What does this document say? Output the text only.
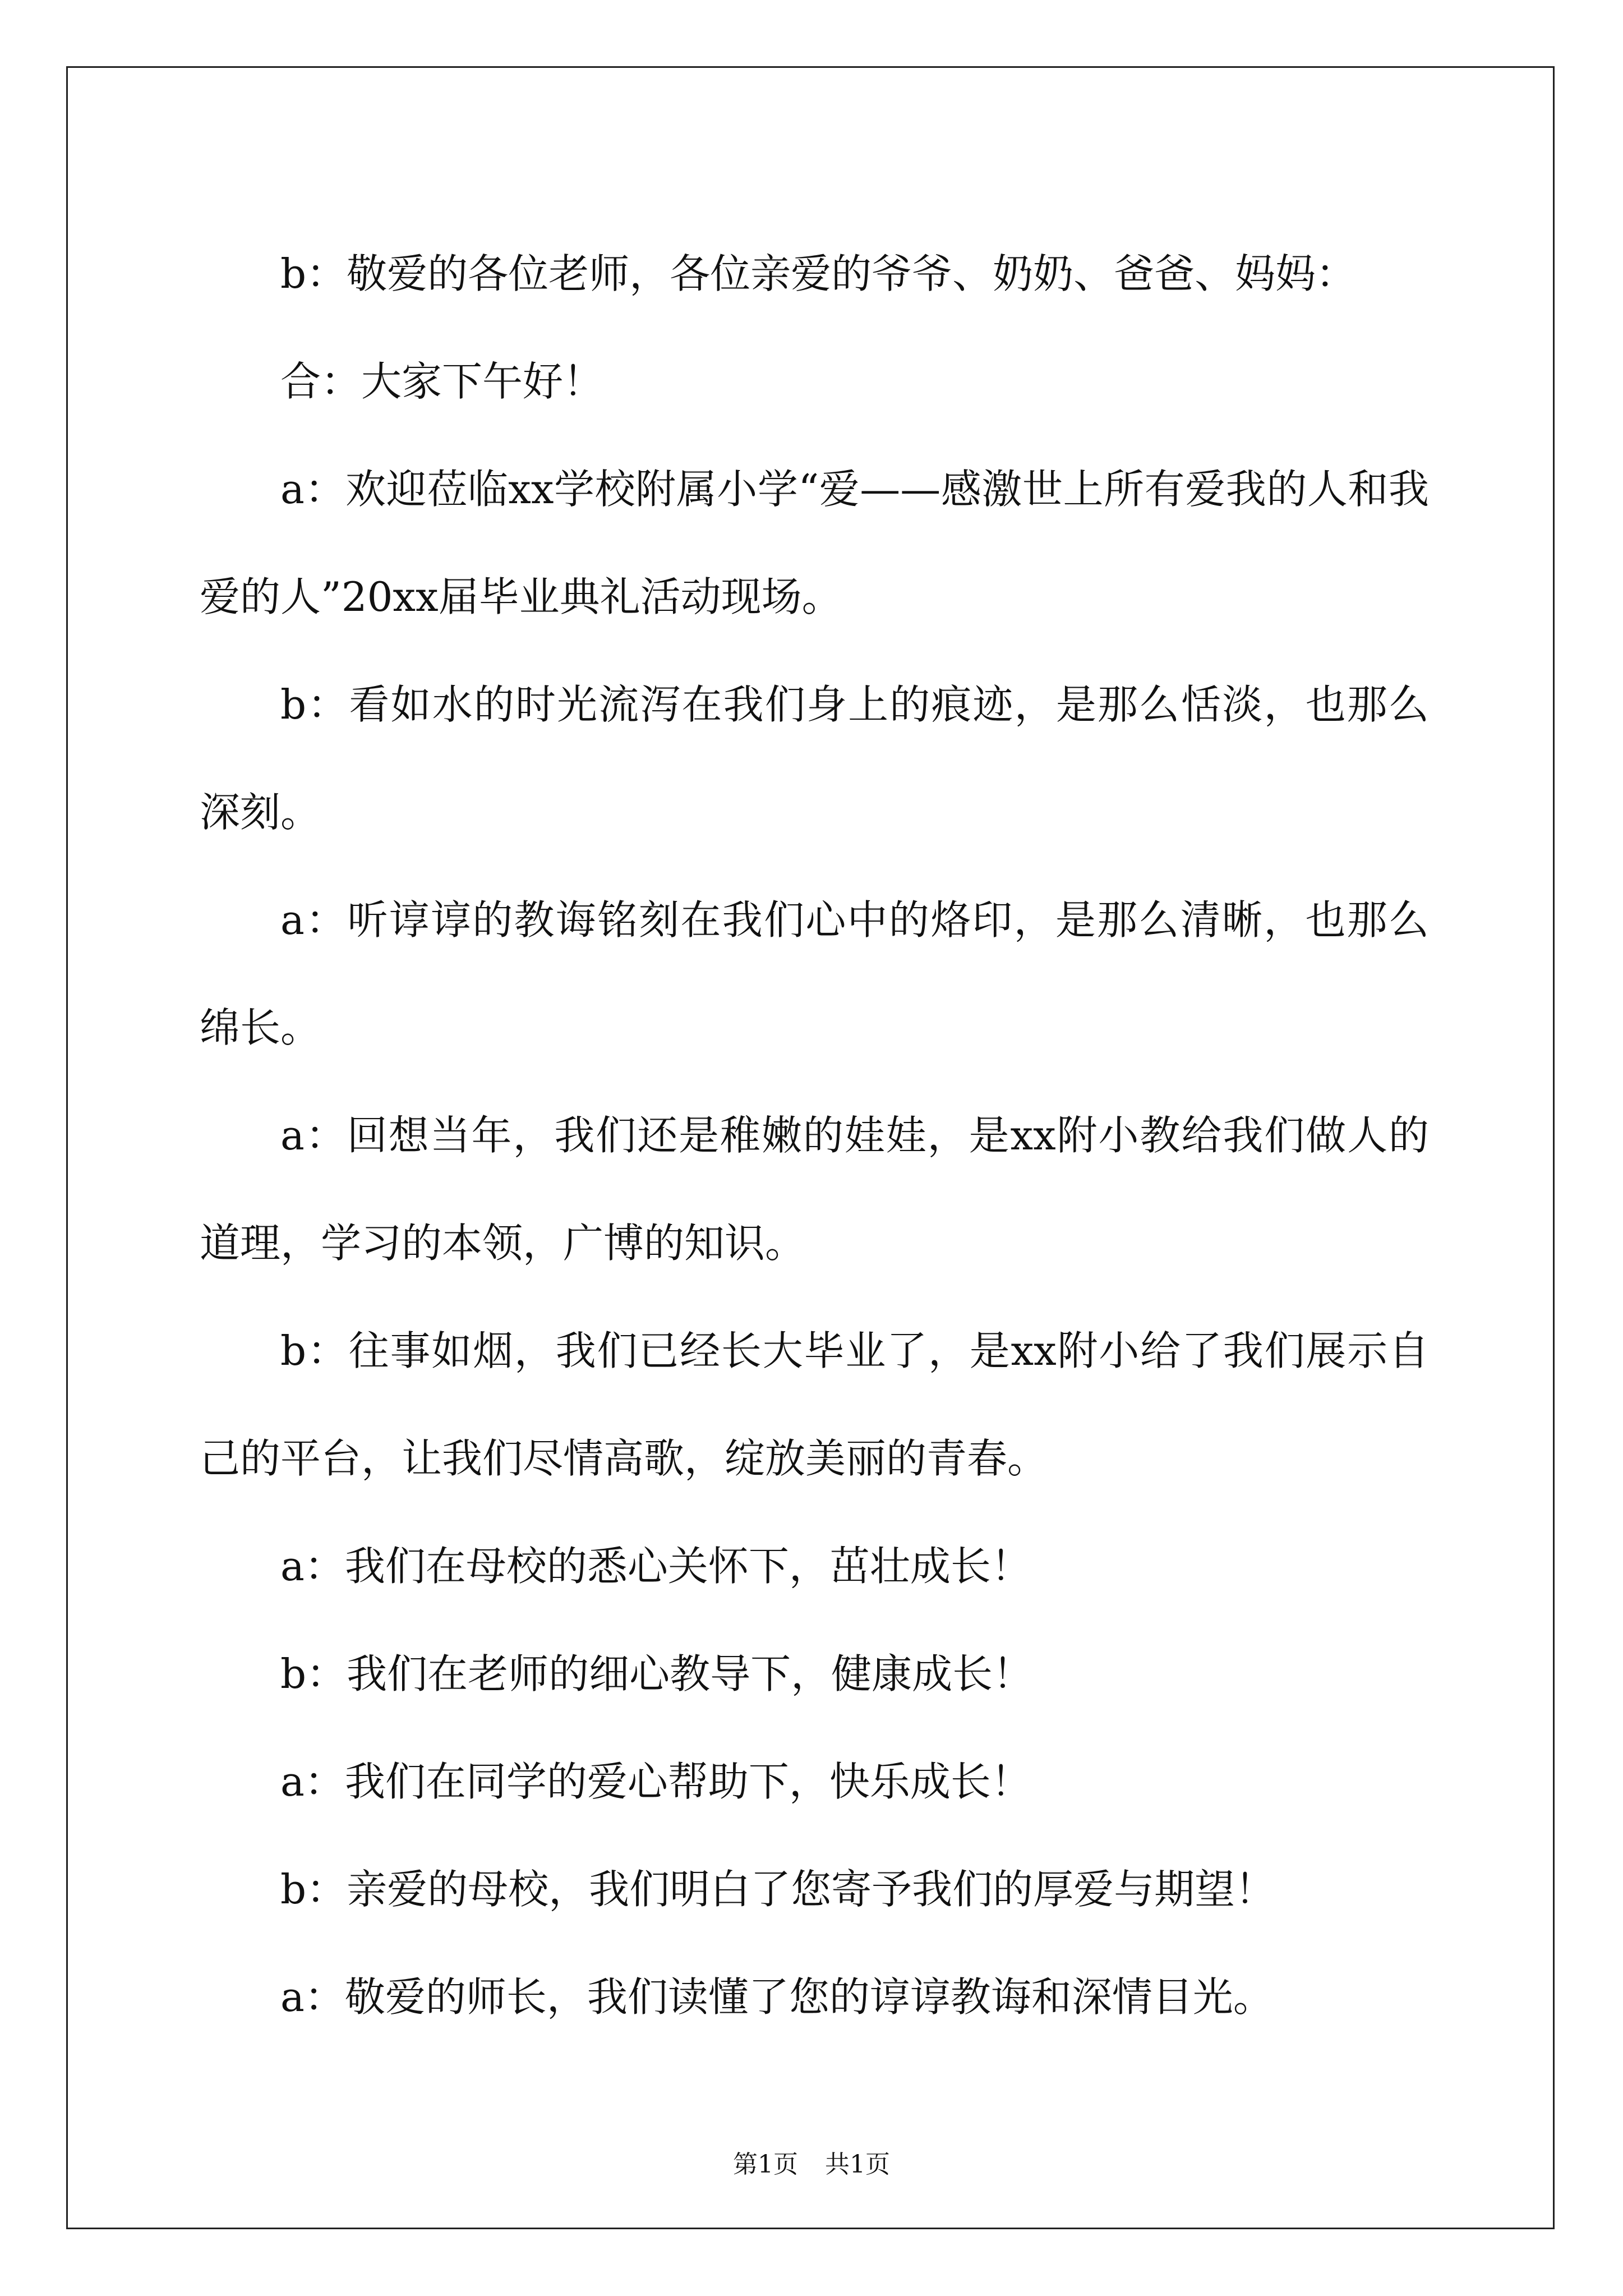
b：敬爱的各位老师，各位亲爱的爷爷、奶奶、爸爸、妈妈：

合：大家下午好！

a：欢迎莅临xx学校附属小学“爱——感激世上所有爱我的人和我爱的人”20xx届毕业典礼活动现场。

b：看如水的时光流泻在我们身上的痕迹，是那么恬淡，也那么深刻。

a：听谆谆的教诲铭刻在我们心中的烙印，是那么清晰，也那么绵长。

a：回想当年，我们还是稚嫩的娃娃，是xx附小教给我们做人的道理，学习的本领，广博的知识。

b：往事如烟，我们已经长大毕业了，是xx附小给了我们展示自己的平台，让我们尽情高歌，绽放美丽的青春。

a：我们在母校的悉心关怀下，茁壮成长！

b：我们在老师的细心教导下，健康成长！

a：我们在同学的爱心帮助下，快乐成长！

b：亲爱的母校，我们明白了您寄予我们的厚爱与期望！

a：敬爱的师长，我们读懂了您的谆谆教诲和深情目光。

第1页 共1页
